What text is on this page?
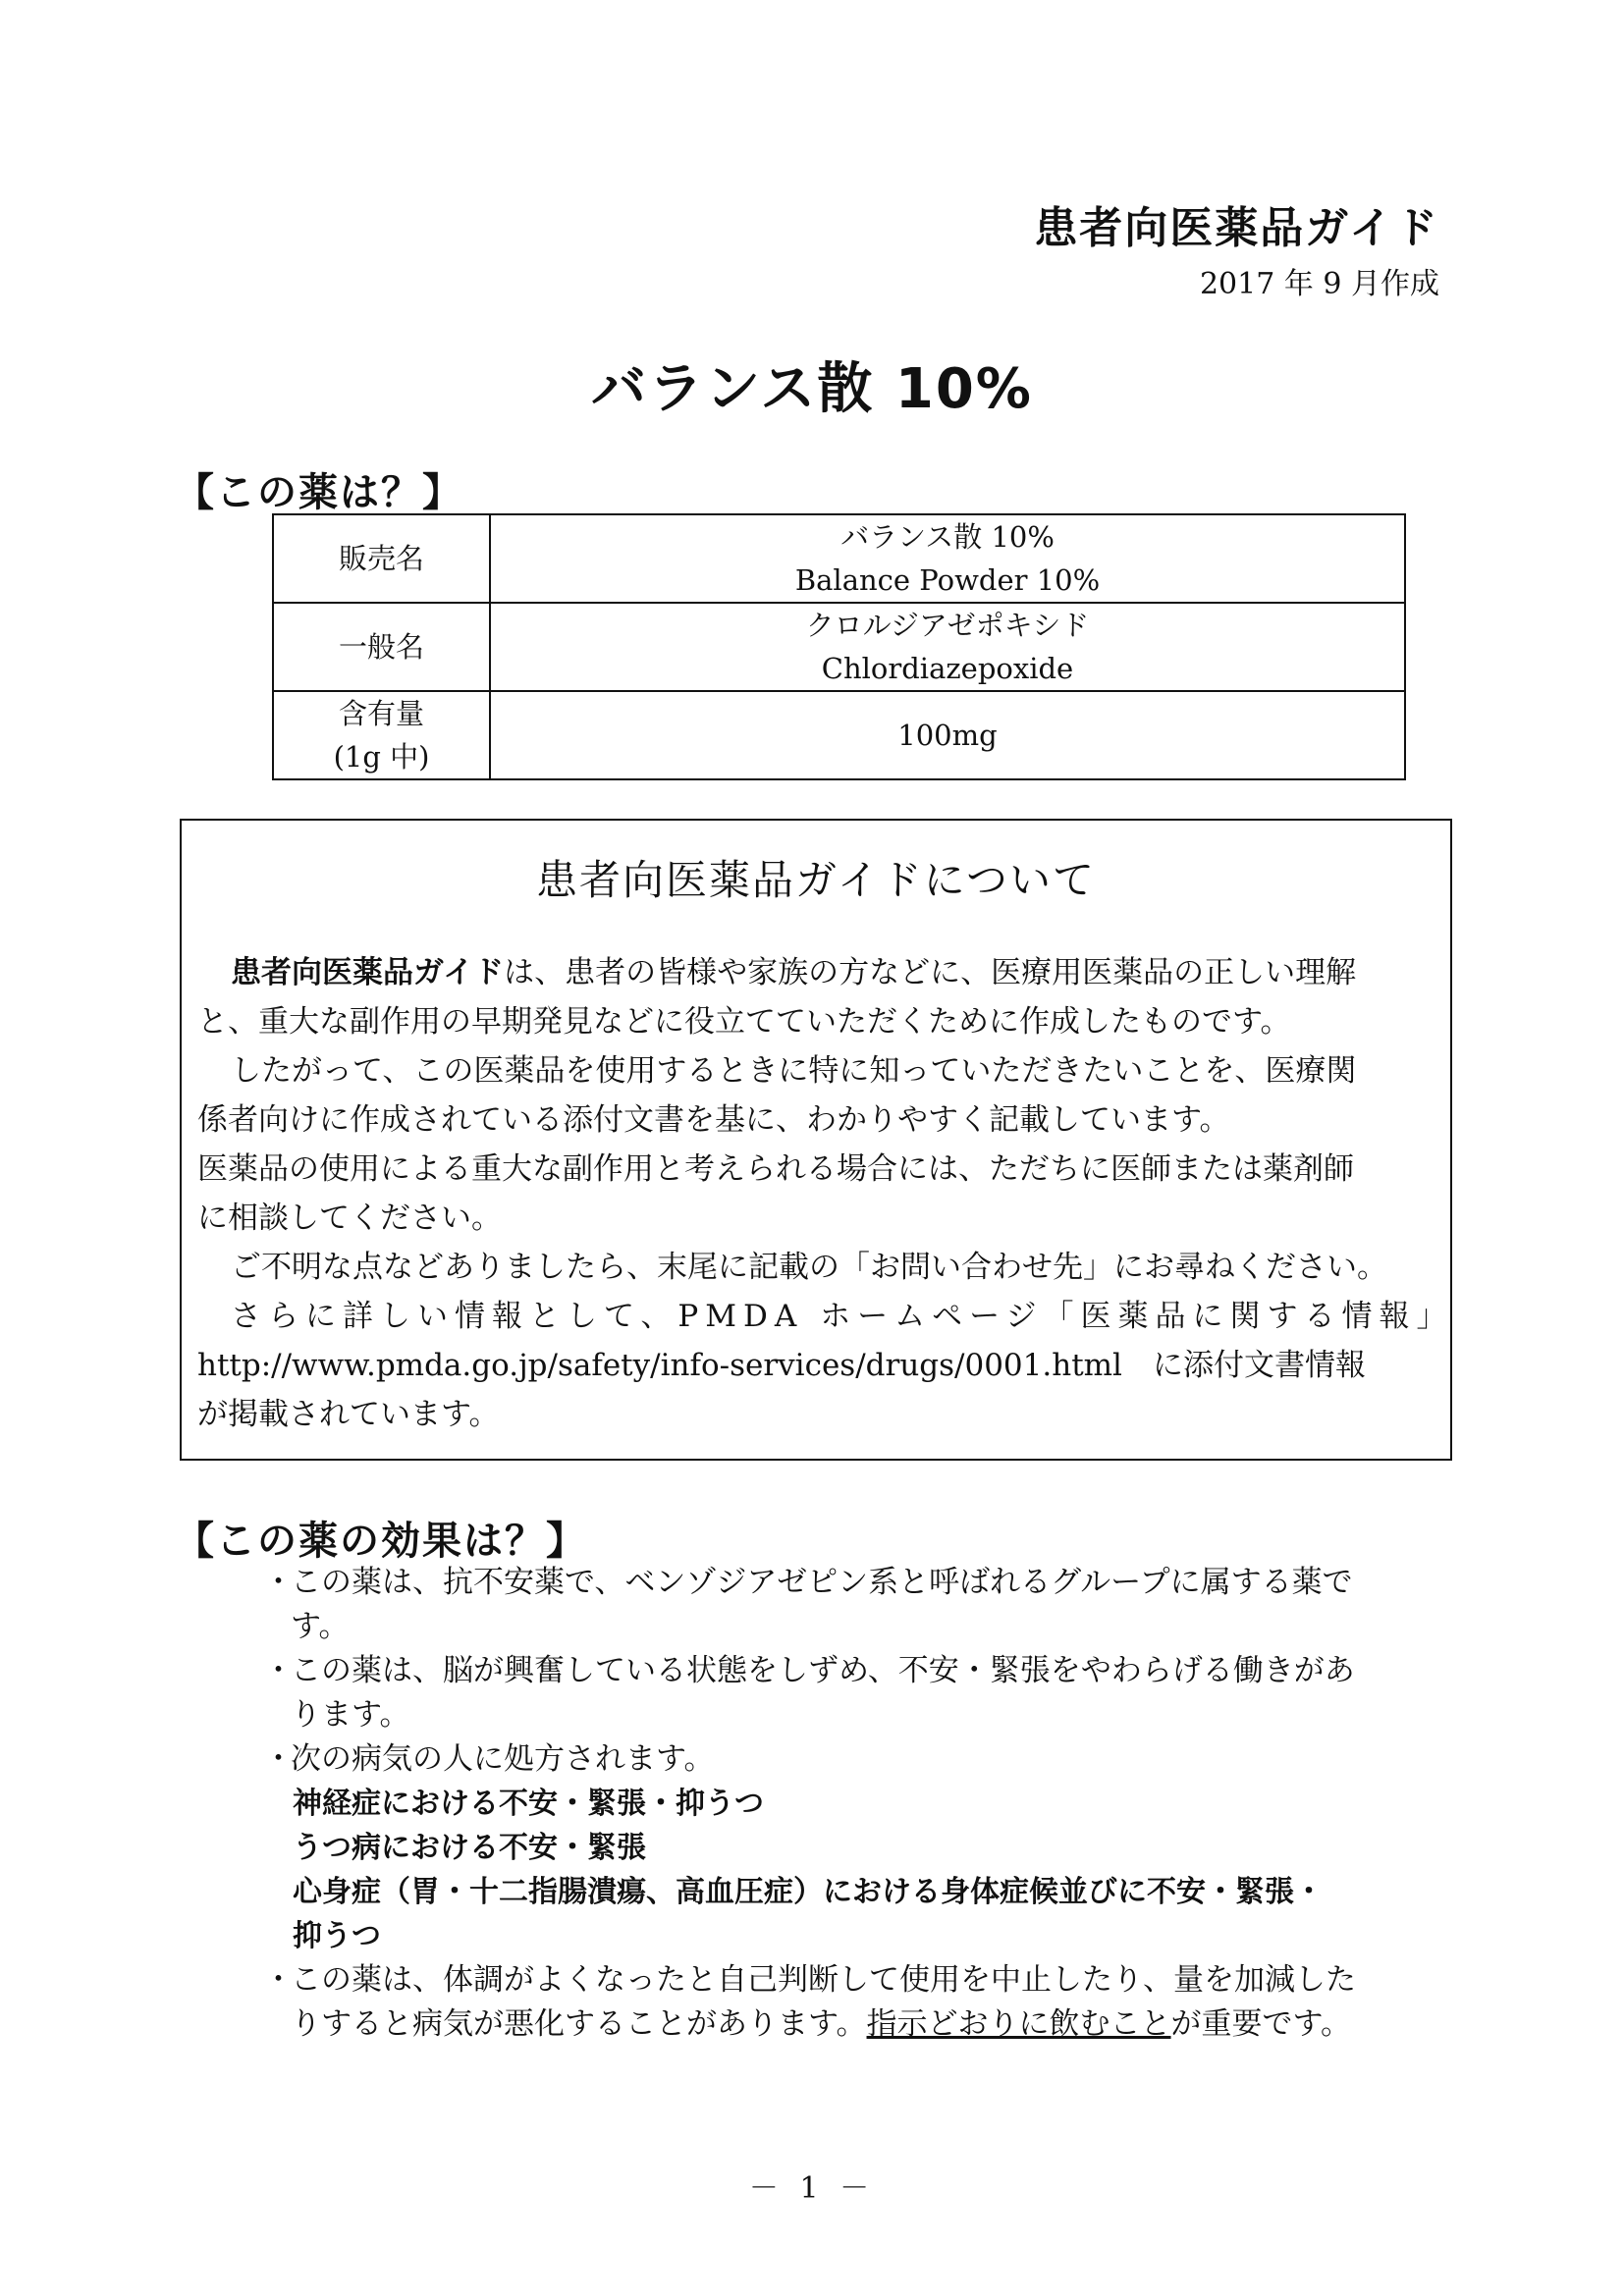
患者向医薬品ガイド
2017 年 9 月作成
バランス散 10%
【この薬は？】
販売名	バランス散 10%
Balance Powder 10%

一般名	クロルジアゼポキシド
Chlordiazepoxide

含有量
(1g 中)	100mg
患者向医薬品ガイドについて

患者向医薬品ガイドは、患者の皆様や家族の方などに、医療用医薬品の正しい理解

と、重大な副作用の早期発見などに役立てていただくために作成したものです。

したがって、この医薬品を使用するときに特に知っていただきたいことを、医療関

係者向けに作成されている添付文書を基に、わかりやすく記載しています。

医薬品の使用による重大な副作用と考えられる場合には、ただちに医師または薬剤師

に相談してください。

ご不明な点などありましたら、末尾に記載の「お問い合わせ先」にお尋ねください。

さらに詳しい情報として、PMDA ホームページ「医薬品に関する情報」

http://www.pmda.go.jp/safety/info-services/drugs/0001.html　に添付文書情報

が掲載されています。

【この薬の効果は？】
・
この薬は、抗不安薬で、ベンゾジアゼピン系と呼ばれるグループに属する薬で
す。
・
この薬は、脳が興奮している状態をしずめ、不安・緊張をやわらげる働きがあ
ります。
・
次の病気の人に処方されます。
神経症における不安・緊張・抑うつ
うつ病における不安・緊張
心身症（胃・十二指腸潰瘍、高血圧症）における身体症候並びに不安・緊張・
抑うつ
・
この薬は、体調がよくなったと自己判断して使用を中止したり、量を加減した
りすると病気が悪化することがあります。指示どおりに飲むことが重要です。
－ 1 －
